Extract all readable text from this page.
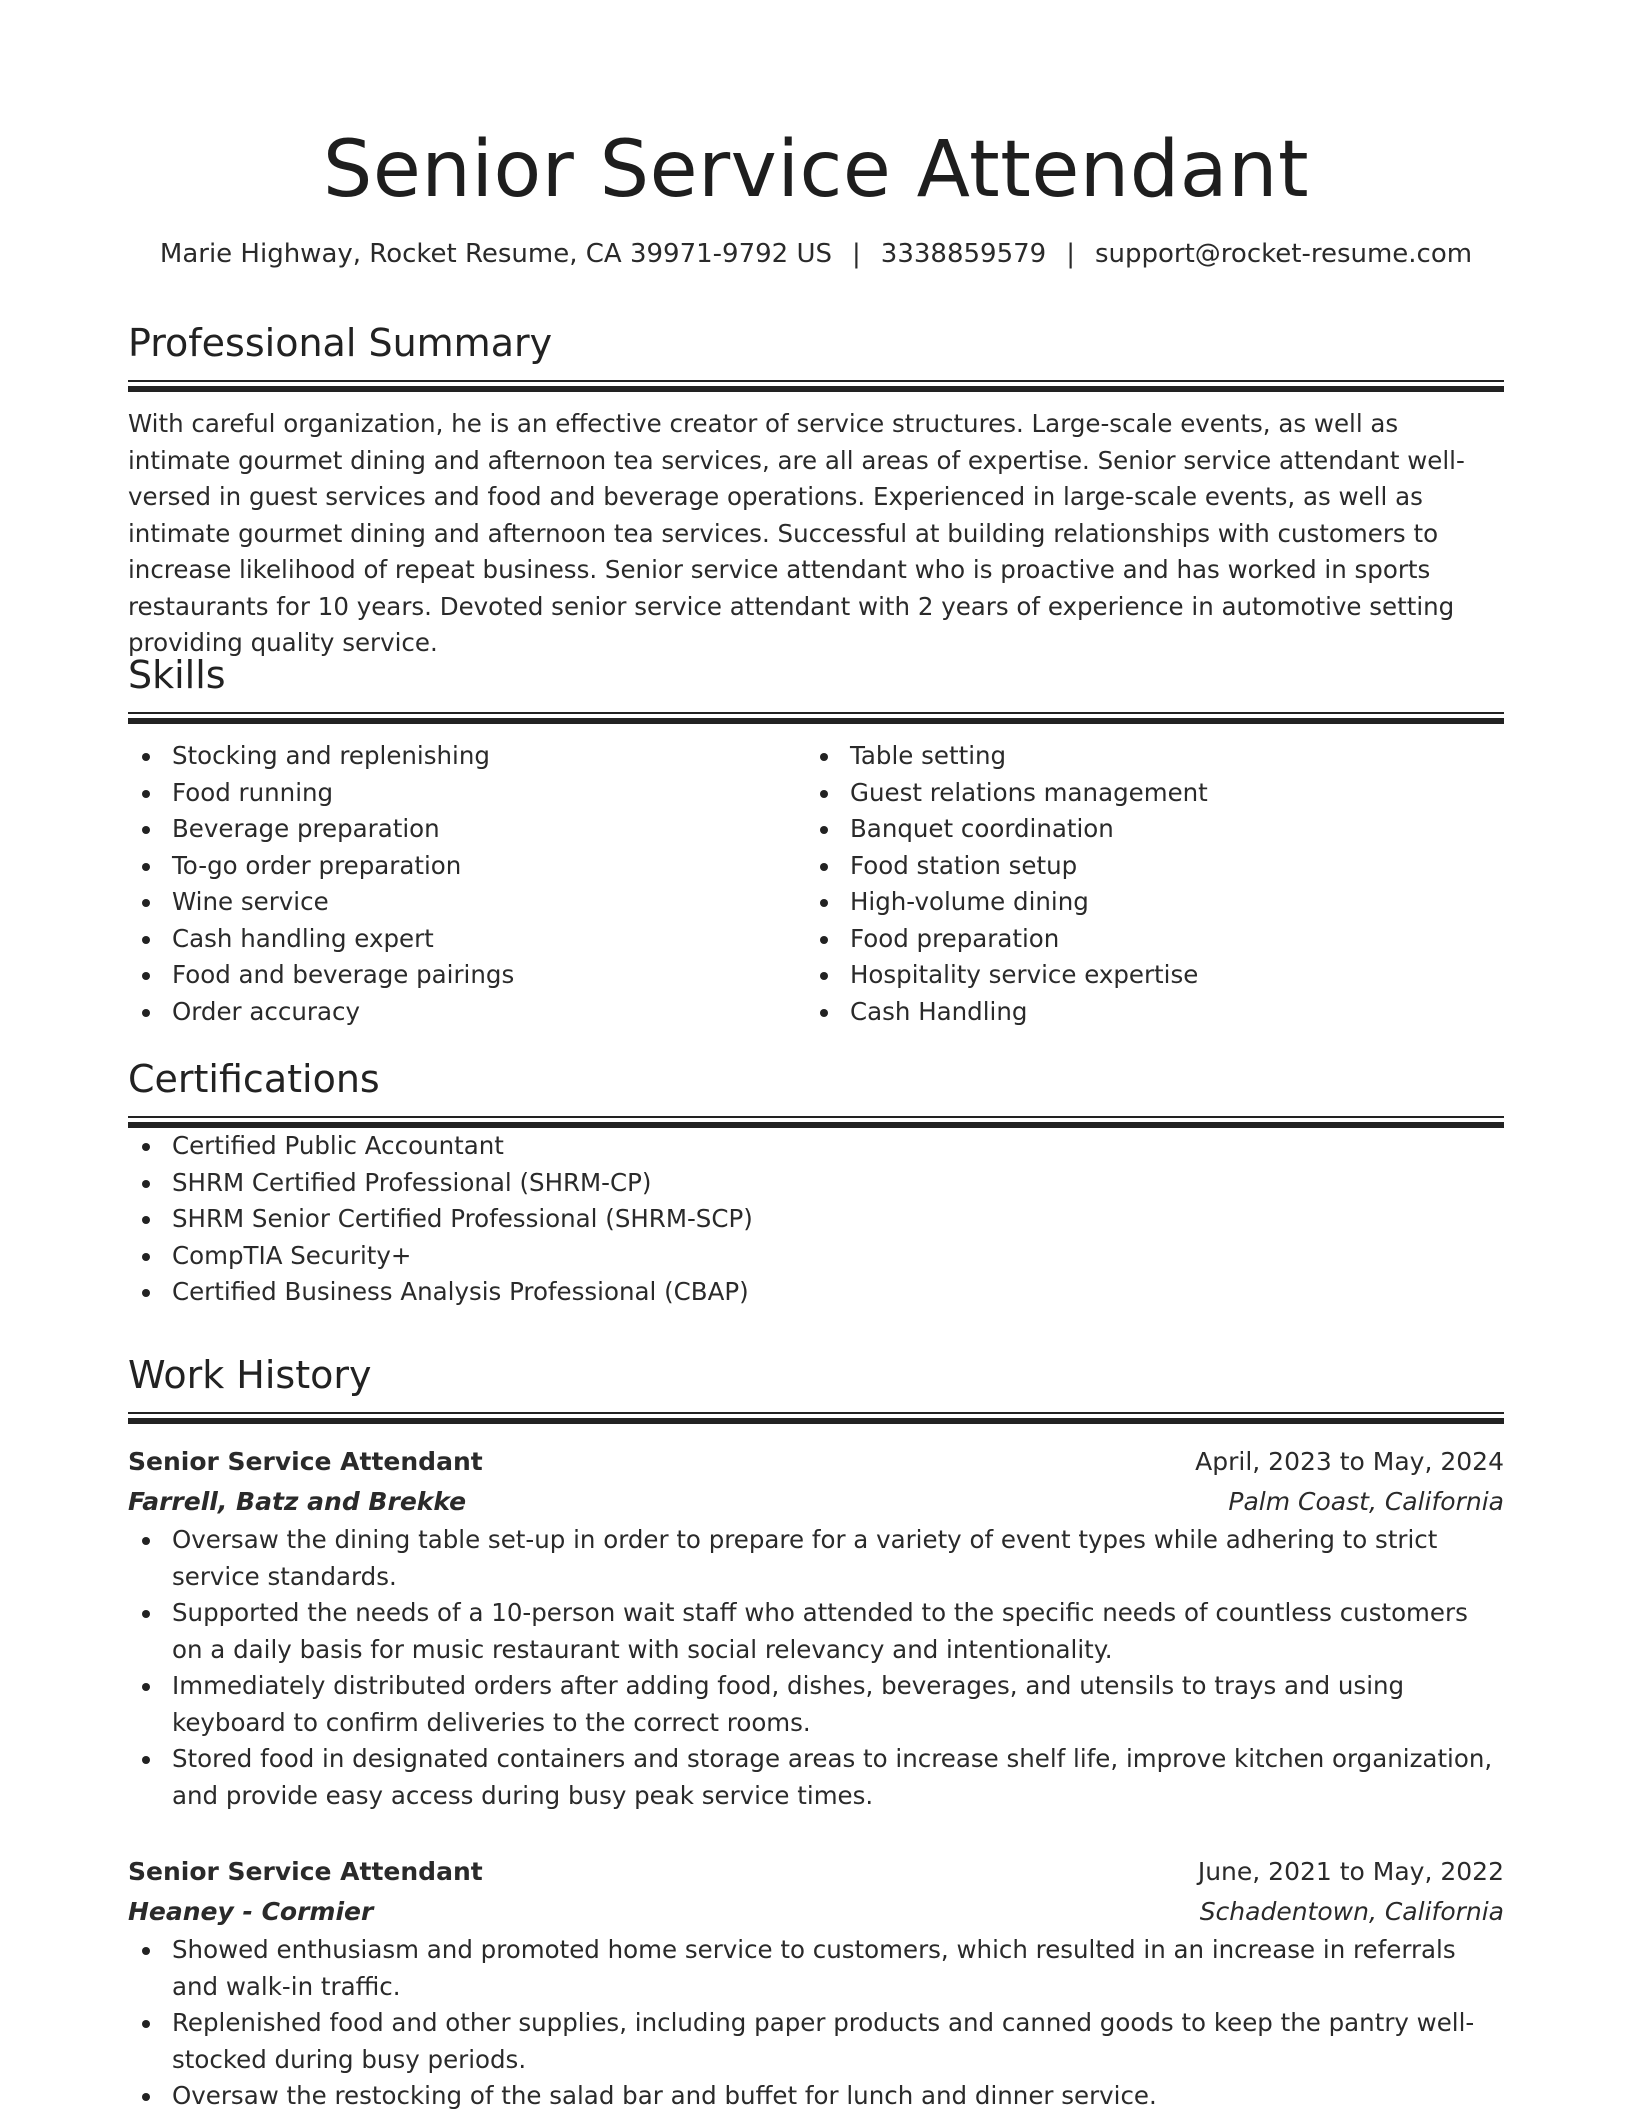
Senior Service Attendant
Marie Highway, Rocket Resume, CA 39971-9792 US | 3338859579 | support@rocket-resume.com
Professional Summary

With careful organization, he is an effective creator of service structures. Large-scale events, as well as intimate gourmet dining and afternoon tea services, are all areas of expertise. Senior service attendant well-versed in guest services and food and beverage operations. Experienced in large-scale events, as well as intimate gourmet dining and afternoon tea services. Successful at building relationships with customers to increase likelihood of repeat business. Senior service attendant who is proactive and has worked in sports restaurants for 10 years. Devoted senior service attendant with 2 years of experience in automotive setting providing quality service.

Skills
Stocking and replenishing
Food running
Beverage preparation
To-go order preparation
Wine service
Cash handling expert
Food and beverage pairings
Order accuracy
Table setting
Guest relations management
Banquet coordination
Food station setup
High-volume dining
Food preparation
Hospitality service expertise
Cash Handling
Certifications
Certified Public Accountant
SHRM Certified Professional (SHRM-CP)
SHRM Senior Certified Professional (SHRM-SCP)
CompTIA Security+
Certified Business Analysis Professional (CBAP)
Work History
Senior Service Attendant	April, 2023 to May, 2024
Farrell, Batz and Brekke	Palm Coast, California
Oversaw the dining table set-up in order to prepare for a variety of event types while adhering to strict service standards.
Supported the needs of a 10-person wait staff who attended to the specific needs of countless customers on a daily basis for music restaurant with social relevancy and intentionality.
Immediately distributed orders after adding food, dishes, beverages, and utensils to trays and using keyboard to confirm deliveries to the correct rooms.
Stored food in designated containers and storage areas to increase shelf life, improve kitchen organization, and provide easy access during busy peak service times.
Senior Service Attendant	June, 2021 to May, 2022
Heaney - Cormier	Schadentown, California
Showed enthusiasm and promoted home service to customers, which resulted in an increase in referrals and walk-in traffic.
Replenished food and other supplies, including paper products and canned goods to keep the pantry well-stocked during busy periods.
Oversaw the restocking of the salad bar and buffet for lunch and dinner service.
